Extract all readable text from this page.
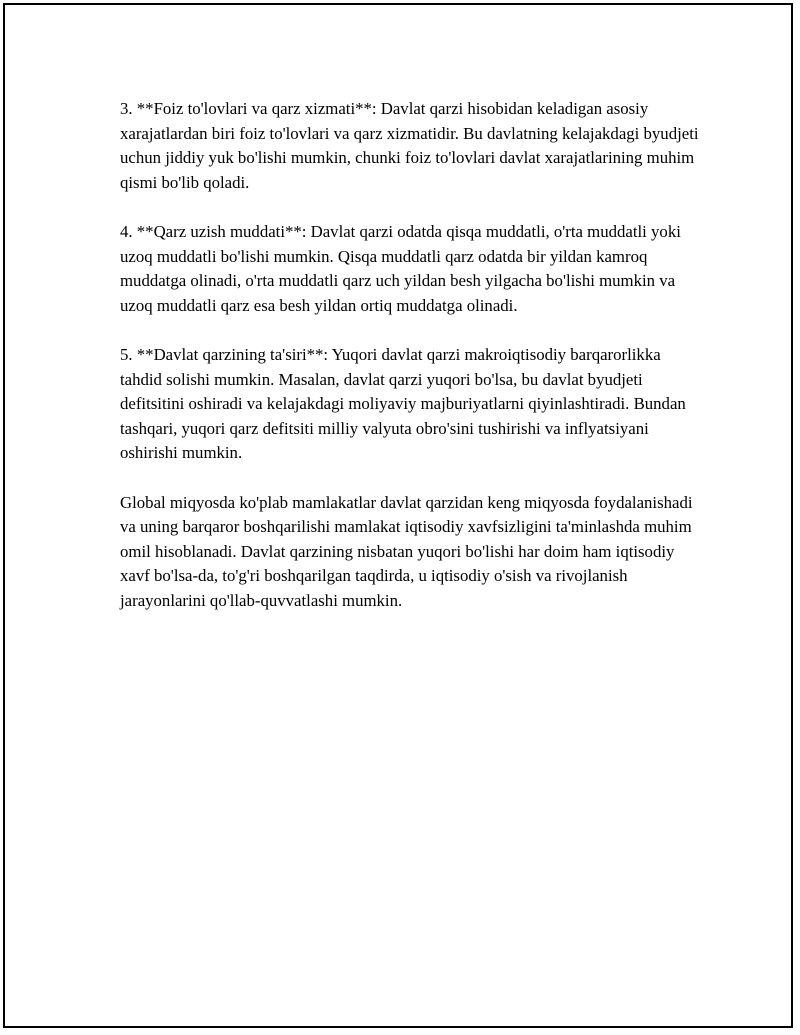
3. **Foiz to'lovlari va qarz xizmati**: Davlat qarzi hisobidan keladigan asosiy xarajatlardan biri foiz to'lovlari va qarz xizmatidir. Bu davlatning kelajakdagi byudjeti uchun jiddiy yuk bo'lishi mumkin, chunki foiz to'lovlari davlat xarajatlarining muhim qismi bo'lib qoladi.

4. **Qarz uzish muddati**: Davlat qarzi odatda qisqa muddatli, o'rta muddatli yoki uzoq muddatli bo'lishi mumkin. Qisqa muddatli qarz odatda bir yildan kamroq muddatga olinadi, o'rta muddatli qarz uch yildan besh yilgacha bo'lishi mumkin va uzoq muddatli qarz esa besh yildan ortiq muddatga olinadi.

5. **Davlat qarzining ta'siri**: Yuqori davlat qarzi makroiqtisodiy barqarorlikka tahdid solishi mumkin. Masalan, davlat qarzi yuqori bo'lsa, bu davlat byudjeti defitsitini oshiradi va kelajakdagi moliyaviy majburiyatlarni qiyinlashtiradi. Bundan tashqari, yuqori qarz defitsiti milliy valyuta obro'sini tushirishi va inflyatsiyani oshirishi mumkin.

Global miqyosda ko'plab mamlakatlar davlat qarzidan keng miqyosda foydalanishadi va uning barqaror boshqarilishi mamlakat iqtisodiy xavfsizligini ta'minlashda muhim omil hisoblanadi. Davlat qarzining nisbatan yuqori bo'lishi har doim ham iqtisodiy xavf bo'lsa-da, to'g'ri boshqarilgan taqdirda, u iqtisodiy o'sish va rivojlanish jarayonlarini qo'llab-quvvatlashi mumkin.
